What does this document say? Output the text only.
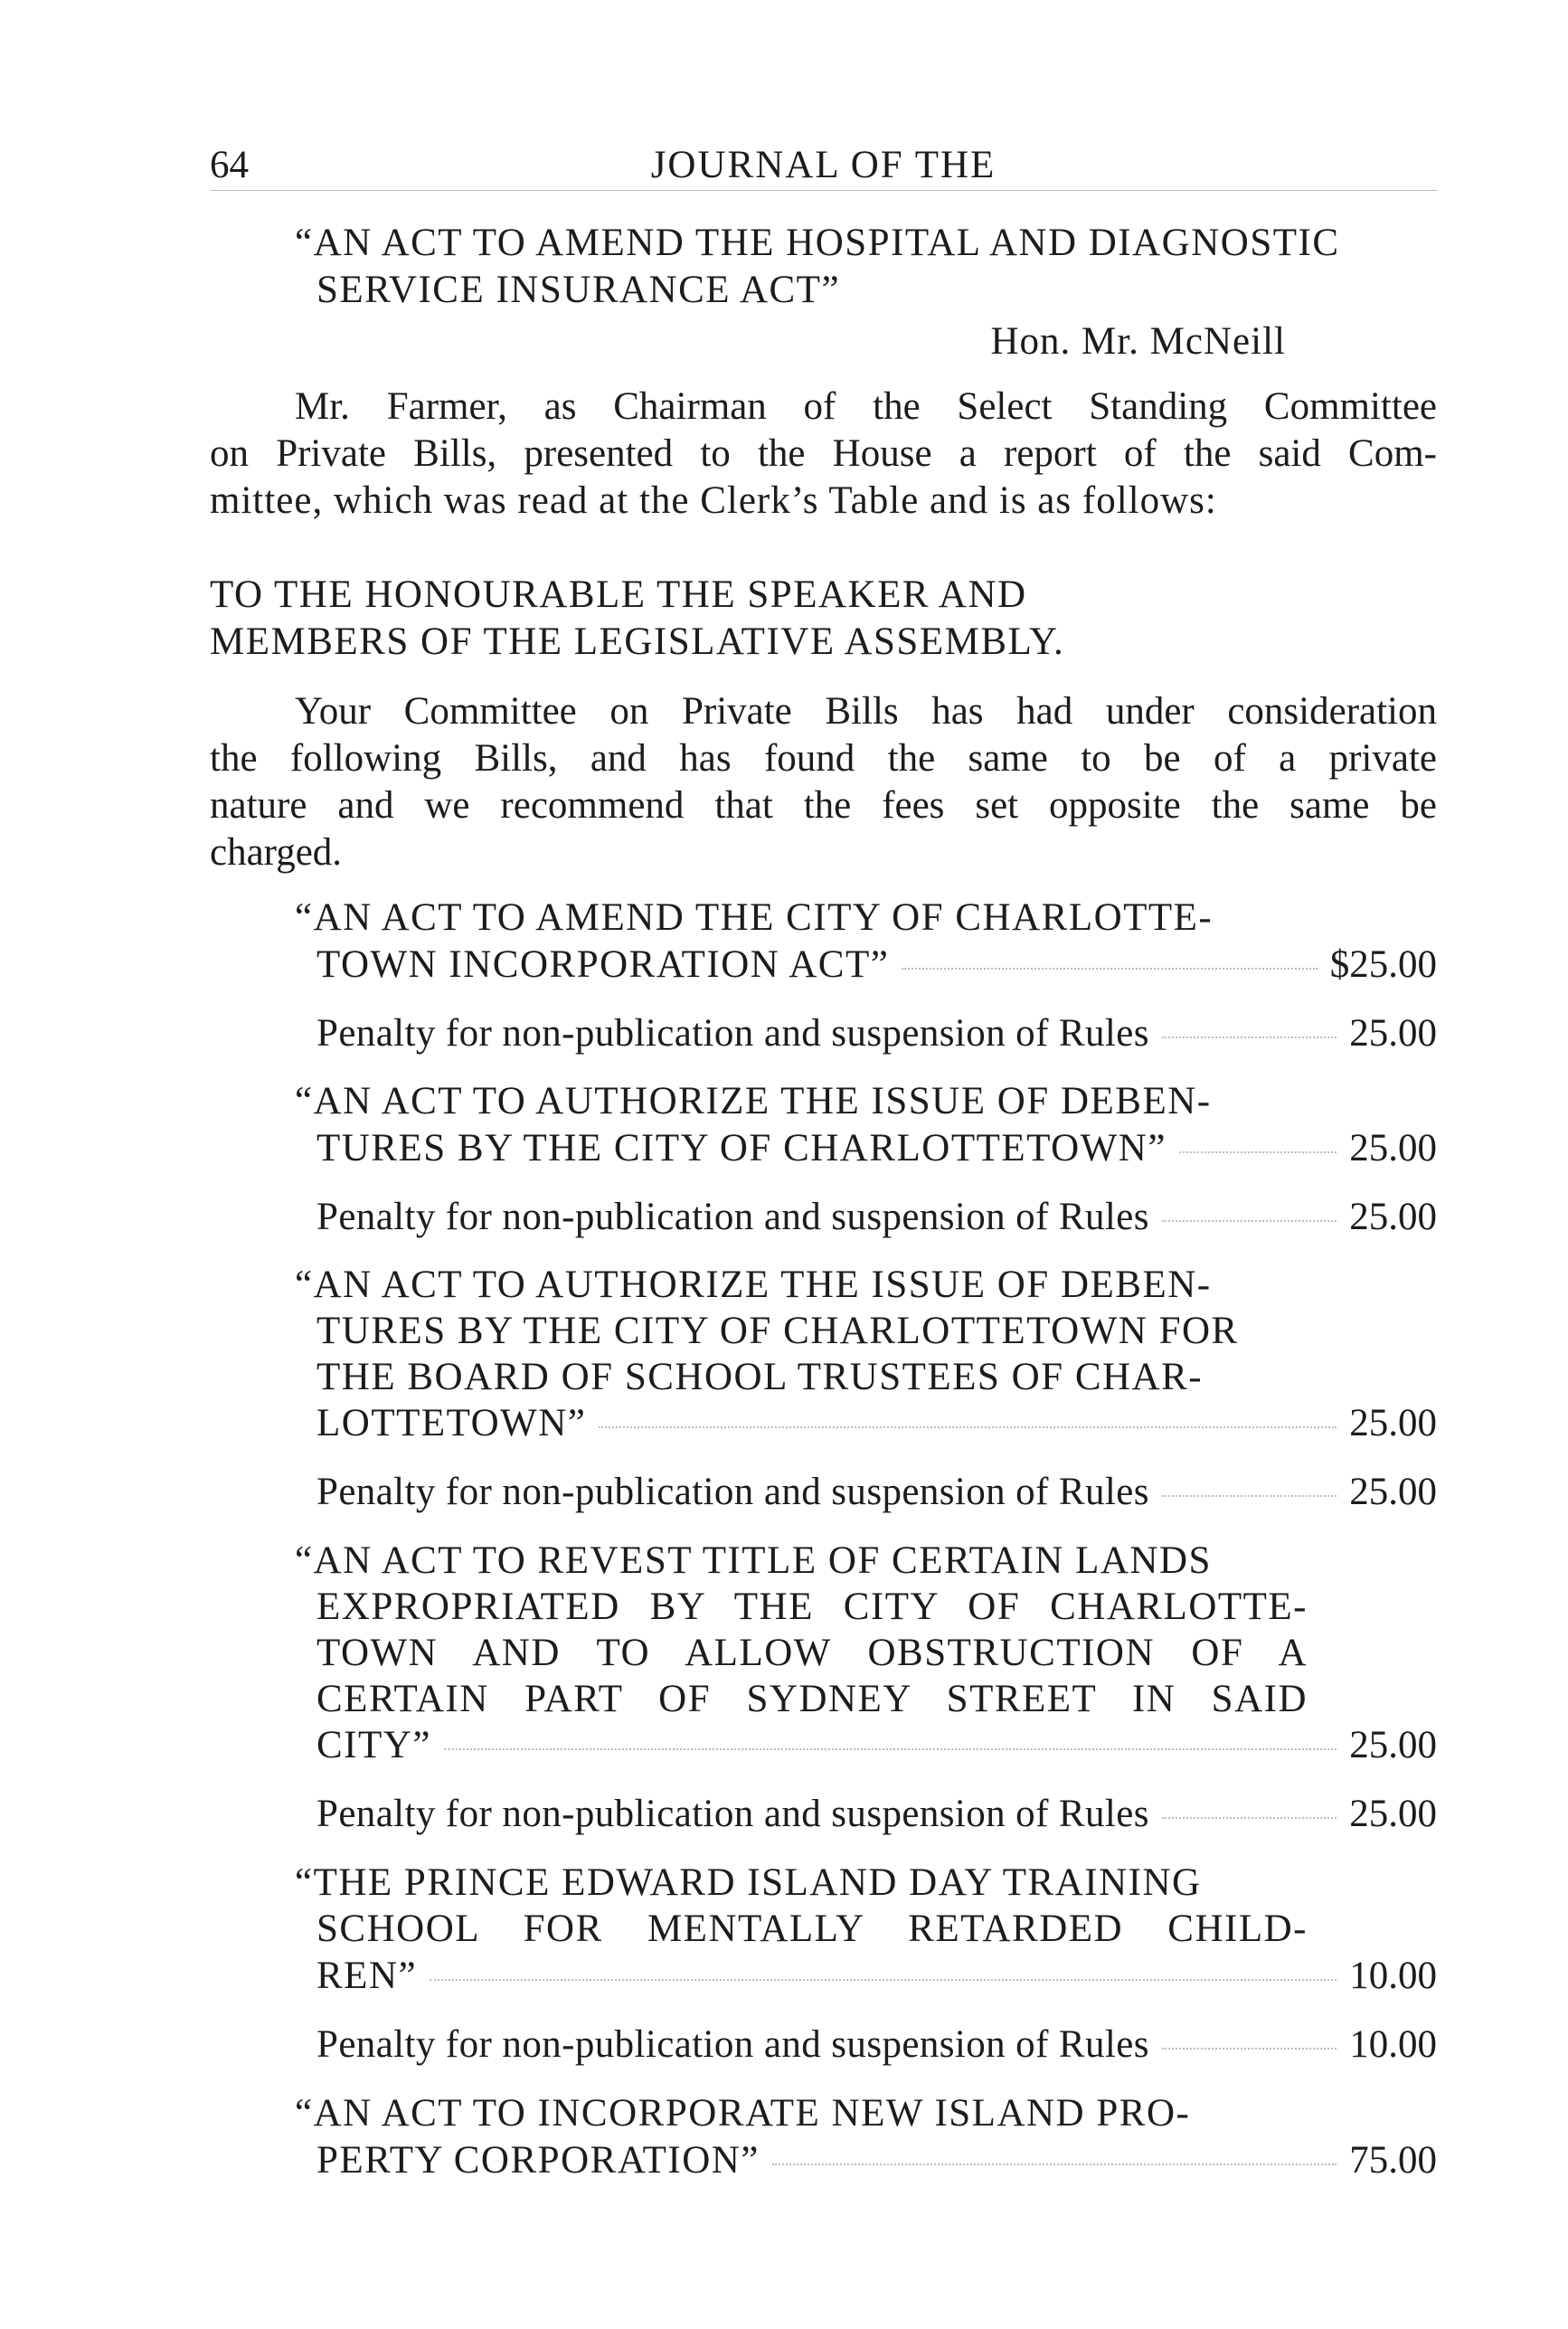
64	JOURNAL OF THE
“AN ACT TO AMEND THE HOSPITAL AND DIAGNOSTIC
SERVICE INSURANCE ACT”
Hon. Mr. McNeill
Mr. Farmer, as Chairman of the Select Standing Committee
on Private Bills, presented to the House a report of the said Com-
mittee, which was read at the Clerk’s Table and is as follows:
TO THE HONOURABLE THE SPEAKER AND
MEMBERS OF THE LEGISLATIVE ASSEMBLY.
Your Committee on Private Bills has had under consideration
the following Bills, and has found the same to be of a private
nature and we recommend that the fees set opposite the same be
charged.
“AN ACT TO AMEND THE CITY OF CHARLOTTE-
TOWN INCORPORATION ACT”	$25.00
Penalty for non-publication and suspension of Rules	25.00
“AN ACT TO AUTHORIZE THE ISSUE OF DEBEN-
TURES BY THE CITY OF CHARLOTTETOWN”	25.00
Penalty for non-publication and suspension of Rules	25.00
“AN ACT TO AUTHORIZE THE ISSUE OF DEBEN-
TURES BY THE CITY OF CHARLOTTETOWN FOR
THE BOARD OF SCHOOL TRUSTEES OF CHAR-
LOTTETOWN”	25.00
Penalty for non-publication and suspension of Rules	25.00
“AN ACT TO REVEST TITLE OF CERTAIN LANDS
EXPROPRIATED BY THE CITY OF CHARLOTTE-
TOWN AND TO ALLOW OBSTRUCTION OF A
CERTAIN PART OF SYDNEY STREET IN SAID
CITY”	25.00
Penalty for non-publication and suspension of Rules	25.00
“THE PRINCE EDWARD ISLAND DAY TRAINING
SCHOOL FOR MENTALLY RETARDED CHILD-
REN”	10.00
Penalty for non-publication and suspension of Rules	10.00
“AN ACT TO INCORPORATE NEW ISLAND PRO-
PERTY CORPORATION”	75.00
